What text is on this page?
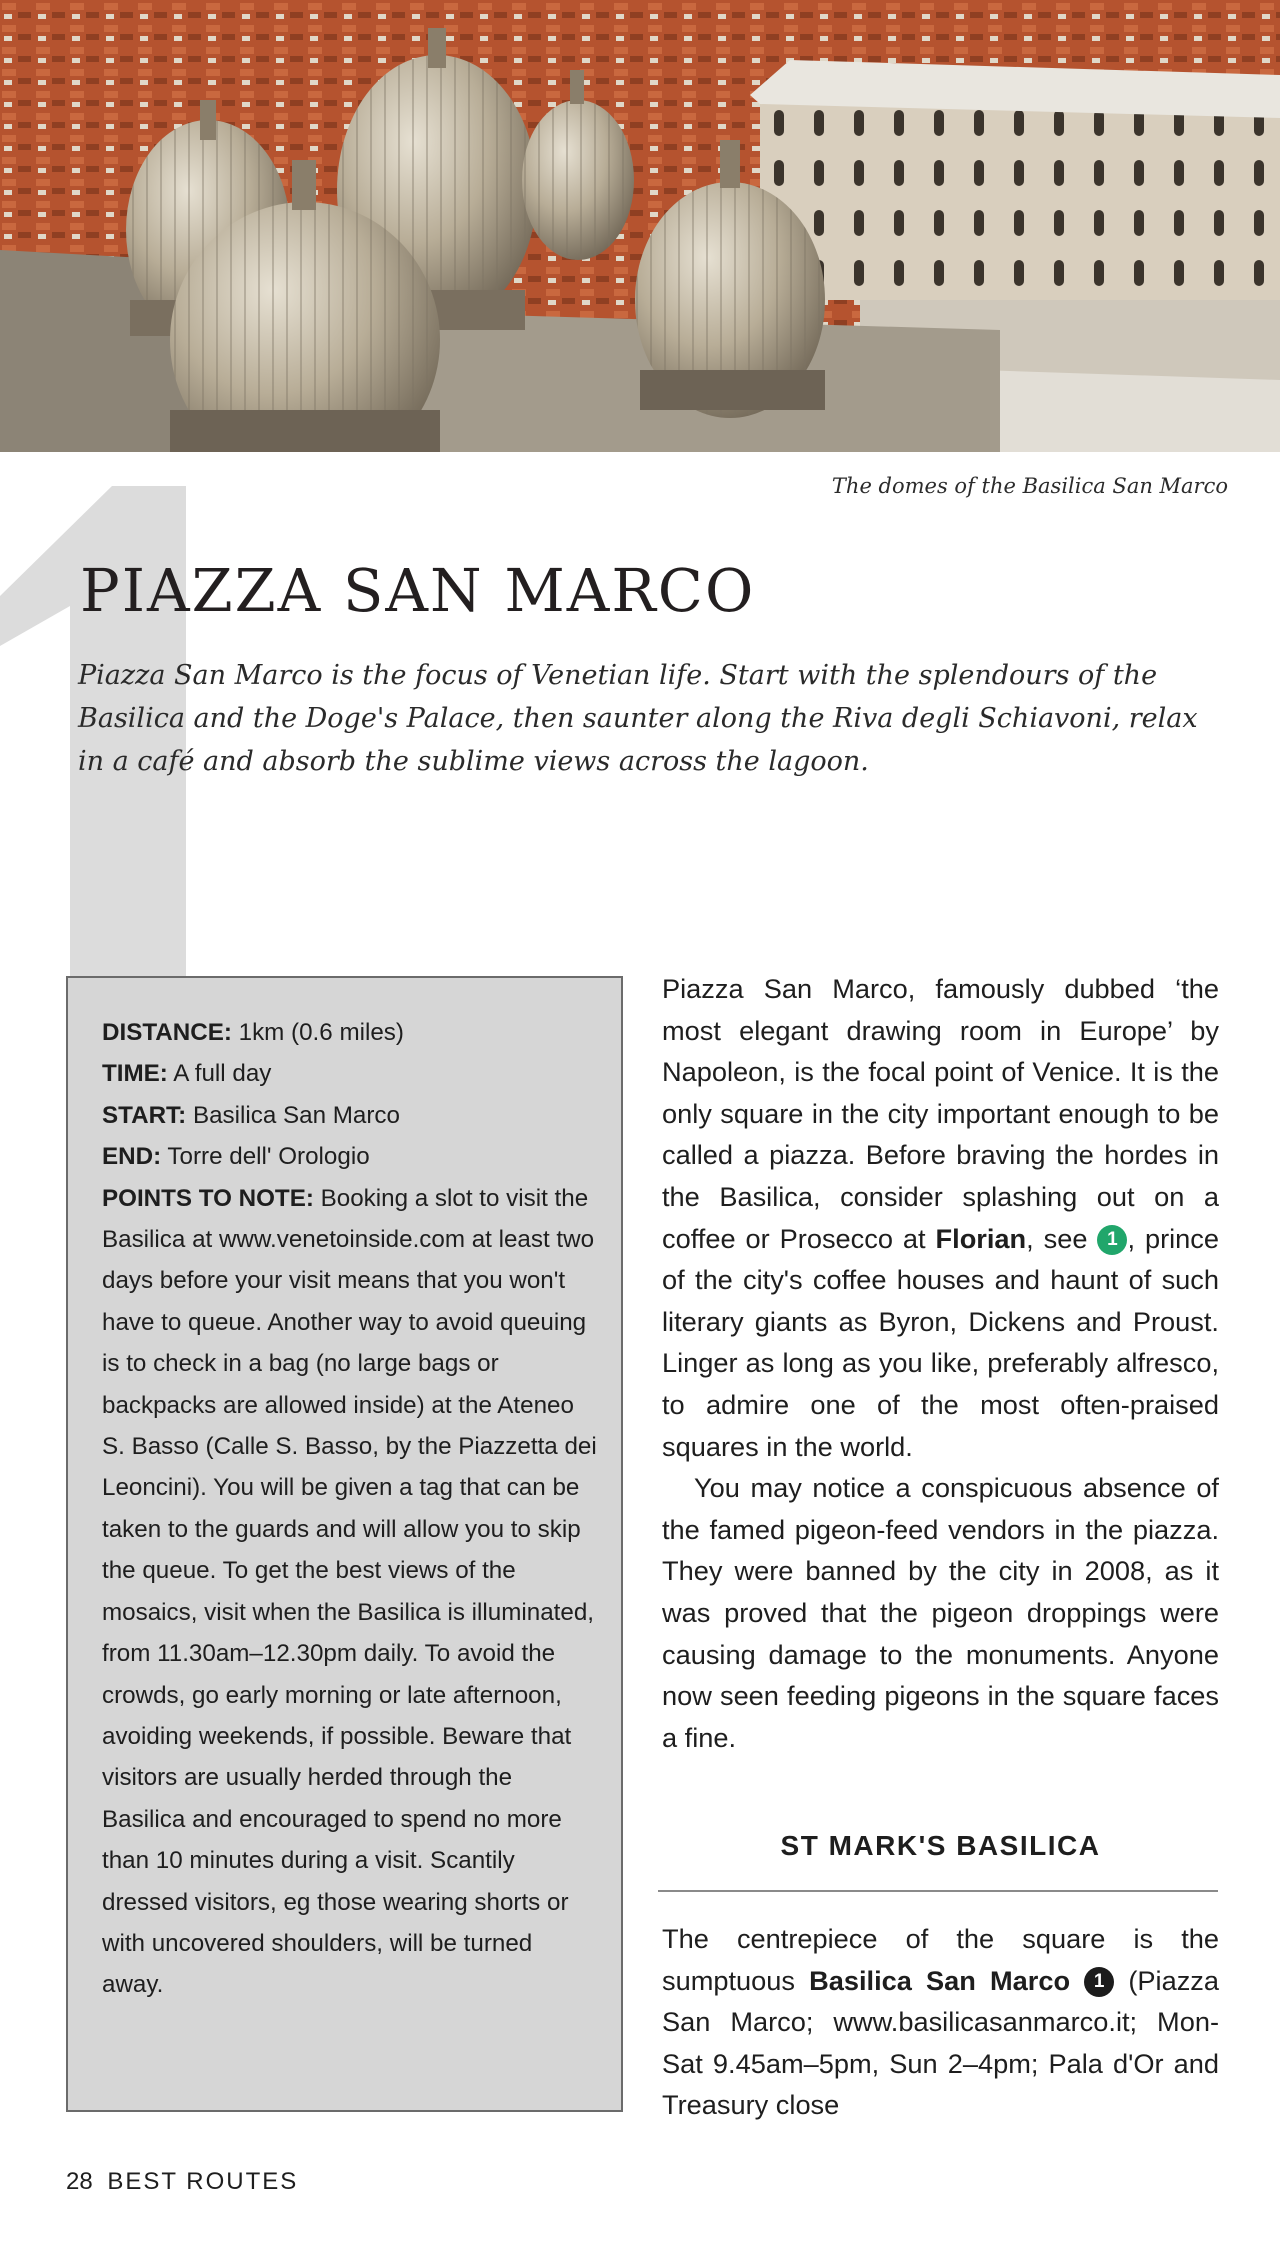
The domes of the Basilica San Marco
PIAZZA SAN MARCO

Piazza San Marco is the focus of Venetian life. Start with the splendours of the Basilica and the Doge's Palace, then saunter along the Riva degli Schiavoni, relax in a café and absorb the sublime views across the lagoon.

DISTANCE: 1km (0.6 miles)

TIME: A full day

START: Basilica San Marco

END: Torre dell' Orologio

POINTS TO NOTE: Booking a slot to visit the Basilica at www.venetoinside.com at least two days before your visit means that you won't have to queue. Another way to avoid queuing is to check in a bag (no large bags or backpacks are allowed inside) at the Ateneo S. Basso (Calle S. Basso, by the Piazzetta dei Leoncini). You will be given a tag that can be taken to the guards and will allow you to skip the queue. To get the best views of the mosaics, visit when the Basilica is illuminated, from 11.30am–12.30pm daily. To avoid the crowds, go early morning or late afternoon, avoiding weekends, if possible. Beware that visitors are usually herded through the Basilica and encouraged to spend no more than 10 minutes during a visit. Scantily dressed visitors, eg those wearing shorts or with uncovered shoulders, will be turned away.

Piazza San Marco, famously dubbed ‘the most elegant drawing room in Europe’ by Napoleon, is the focal point of Venice. It is the only square in the city important enough to be called a piazza. Before braving the hordes in the Basilica, consider splashing out on a coffee or Prosecco at Florian, see 1 , prince of the city's coffee houses and haunt of such literary giants as Byron, Dickens and Proust. Linger as long as you like, preferably alfresco, to admire one of the most often-praised squares in the world.

You may notice a conspicuous absence of the famed pigeon-feed vendors in the piazza. They were banned by the city in 2008, as it was proved that the pigeon droppings were causing damage to the monuments. Anyone now seen feeding pigeons in the square faces a fine.

ST MARK'S BASILICA

The centrepiece of the square is the sumptuous Basilica San Marco 1 (Piazza San Marco; www.basilicasanmarco.it; Mon-Sat 9.45am–5pm, Sun 2–4pm; Pala d'Or and Treasury close

28 BEST ROUTES
